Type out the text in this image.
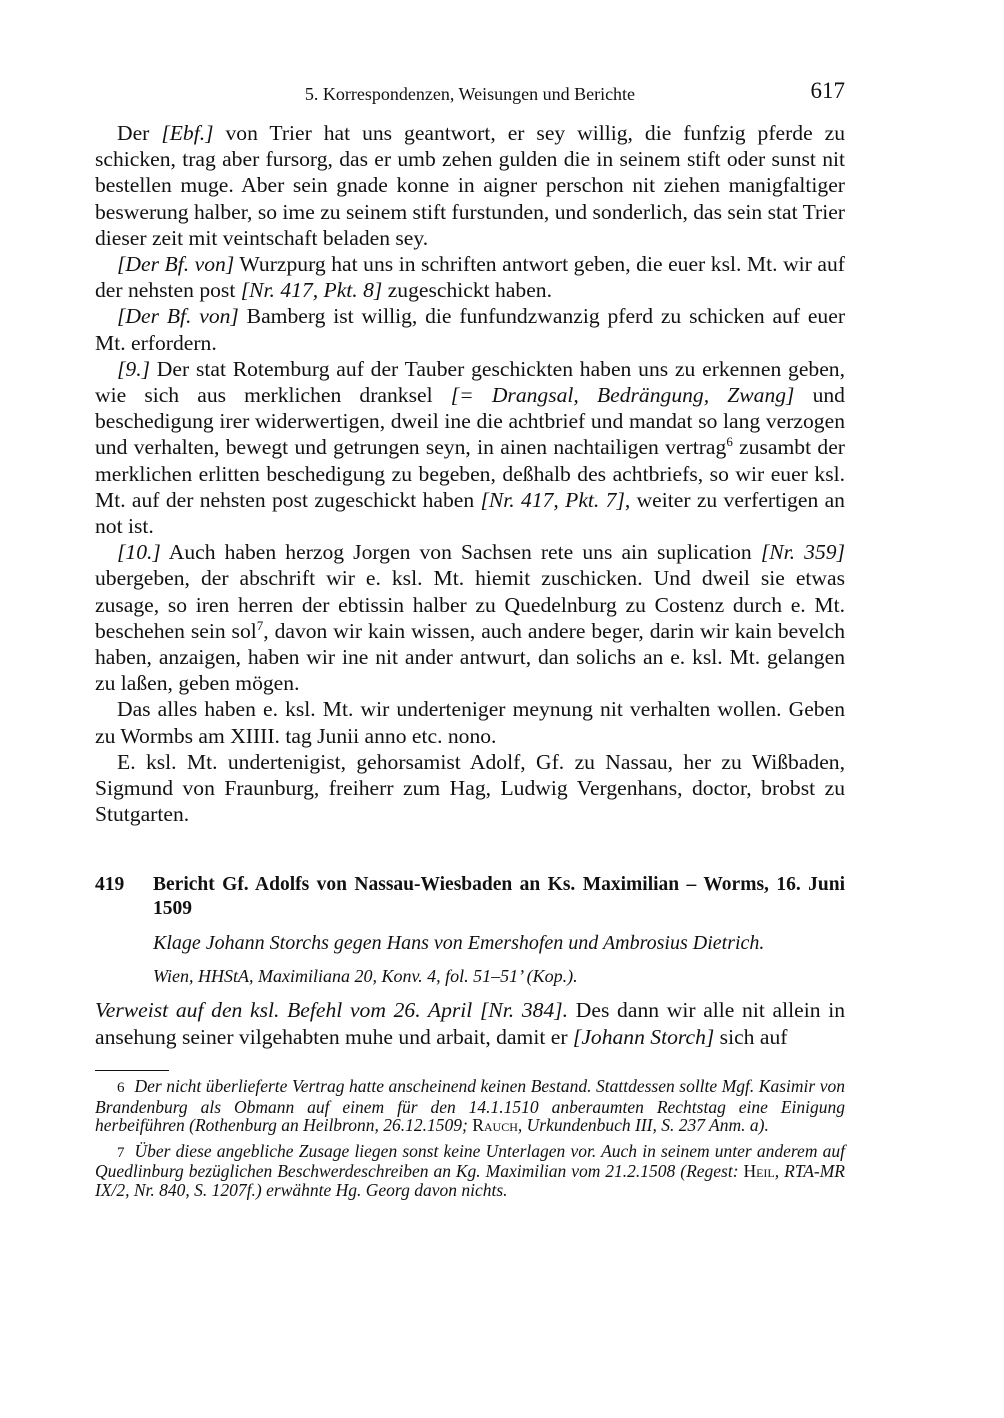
5. Korrespondenzen, Weisungen und Berichte	617

Der [Ebf.] von Trier hat uns geantwort, er sey willig, die funfzig pferde zu schicken, trag aber fursorg, das er umb zehen gulden die in seinem stift oder sunst nit bestellen muge. Aber sein gnade konne in aigner perschon nit ziehen manigfaltiger beswerung halber, so ime zu seinem stift furstunden, und sonderlich, das sein stat Trier dieser zeit mit veintschaft beladen sey.

[Der Bf. von] Wurzpurg hat uns in schriften antwort geben, die euer ksl. Mt. wir auf der nehsten post [Nr. 417, Pkt. 8] zugeschickt haben.

[Der Bf. von] Bamberg ist willig, die funfundzwanzig pferd zu schicken auf euer Mt. erfordern.

[9.] Der stat Rotemburg auf der Tauber geschickten haben uns zu erkennen geben, wie sich aus merklichen dranksel [= Drangsal, Bedrängung, Zwang] und beschedigung irer widerwertigen, dweil ine die achtbrief und mandat so lang verzogen und verhalten, bewegt und getrungen seyn, in ainen nachtailigen vertrag$^6$ zusambt der merklichen erlitten beschedigung zu begeben, deßhalb des achtbriefs, so wir euer ksl. Mt. auf der nehsten post zugeschickt haben [Nr. 417, Pkt. 7], weiter zu verfertigen an not ist.

[10.] Auch haben herzog Jorgen von Sachsen rete uns ain suplication [Nr. 359] ubergeben, der abschrift wir e. ksl. Mt. hiemit zuschicken. Und dweil sie etwas zusage, so iren herren der ebtissin halber zu Quedelnburg zu Costenz durch e. Mt. beschehen sein sol$^7$, davon wir kain wissen, auch andere beger, darin wir kain bevelch haben, anzaigen, haben wir ine nit ander antwurt, dan solichs an e. ksl. Mt. gelangen zu laßen, geben mögen.

Das alles haben e. ksl. Mt. wir underteniger meynung nit verhalten wollen. Geben zu Wormbs am XIIII. tag Junii anno etc. nono.

E. ksl. Mt. undertenigist, gehorsamist Adolf, Gf. zu Nassau, her zu Wißbaden, Sigmund von Fraunburg, freiherr zum Hag, Ludwig Vergenhans, doctor, brobst zu Stutgarten.

419	Bericht Gf. Adolfs von Nassau-Wiesbaden an Ks. Maximilian – Worms, 16. Juni 1509
Klage Johann Storchs gegen Hans von Emershofen und Ambrosius Dietrich.
Wien, HHStA, Maximiliana 20, Konv. 4, fol. 51–51’ (Kop.).

Verweist auf den ksl. Befehl vom 26. April [Nr. 384]. Des dann wir alle nit allein in ansehung seiner vilgehabten muhe und arbait, damit er [Johann Storch] sich auf

6 Der nicht überlieferte Vertrag hatte anscheinend keinen Bestand. Stattdessen sollte Mgf. Kasimir von Brandenburg als Obmann auf einem für den 14.1.1510 anberaumten Rechtstag eine Einigung herbeiführen (Rothenburg an Heilbronn, 26.12.1509; Rauch, Urkundenbuch III, S. 237 Anm. a).

7 Über diese angebliche Zusage liegen sonst keine Unterlagen vor. Auch in seinem unter anderem auf Quedlinburg bezüglichen Beschwerdeschreiben an Kg. Maximilian vom 21.2.1508 (Regest: Heil, RTA-MR IX/2, Nr. 840, S. 1207f.) erwähnte Hg. Georg davon nichts.
